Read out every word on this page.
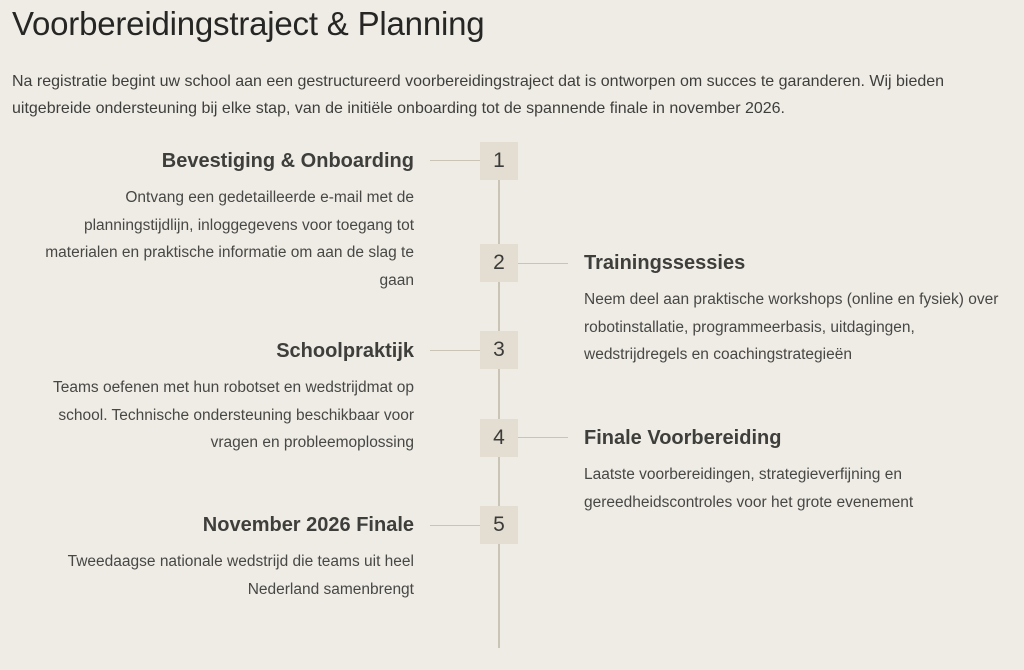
Voorbereidingstraject & Planning

Na registratie begint uw school aan een gestructureerd voorbereidingstraject dat is ontworpen om succes te garanderen. Wij bieden uitgebreide ondersteuning bij elke stap, van de initiële onboarding tot de spannende finale in november 2026.

1
Bevestiging & Onboarding

Ontvang een gedetailleerde e-mail met de planningstijdlijn, inloggegevens voor toegang tot materialen en praktische informatie om aan de slag te gaan

2	Trainingssessies

Neem deel aan praktische workshops (online en fysiek) over robotinstallatie, programmeerbasis, uitdagingen, wedstrijdregels en coachingstrategieën

3
Schoolpraktijk

Teams oefenen met hun robotset en wedstrijdmat op school. Technische ondersteuning beschikbaar voor vragen en probleemoplossing	4	Finale Voorbereiding

Laatste voorbereidingen, strategieverfijning en gereedheidscontroles voor het grote evenement

5
November 2026 Finale

Tweedaagse nationale wedstrijd die teams uit heel Nederland samenbrengt
